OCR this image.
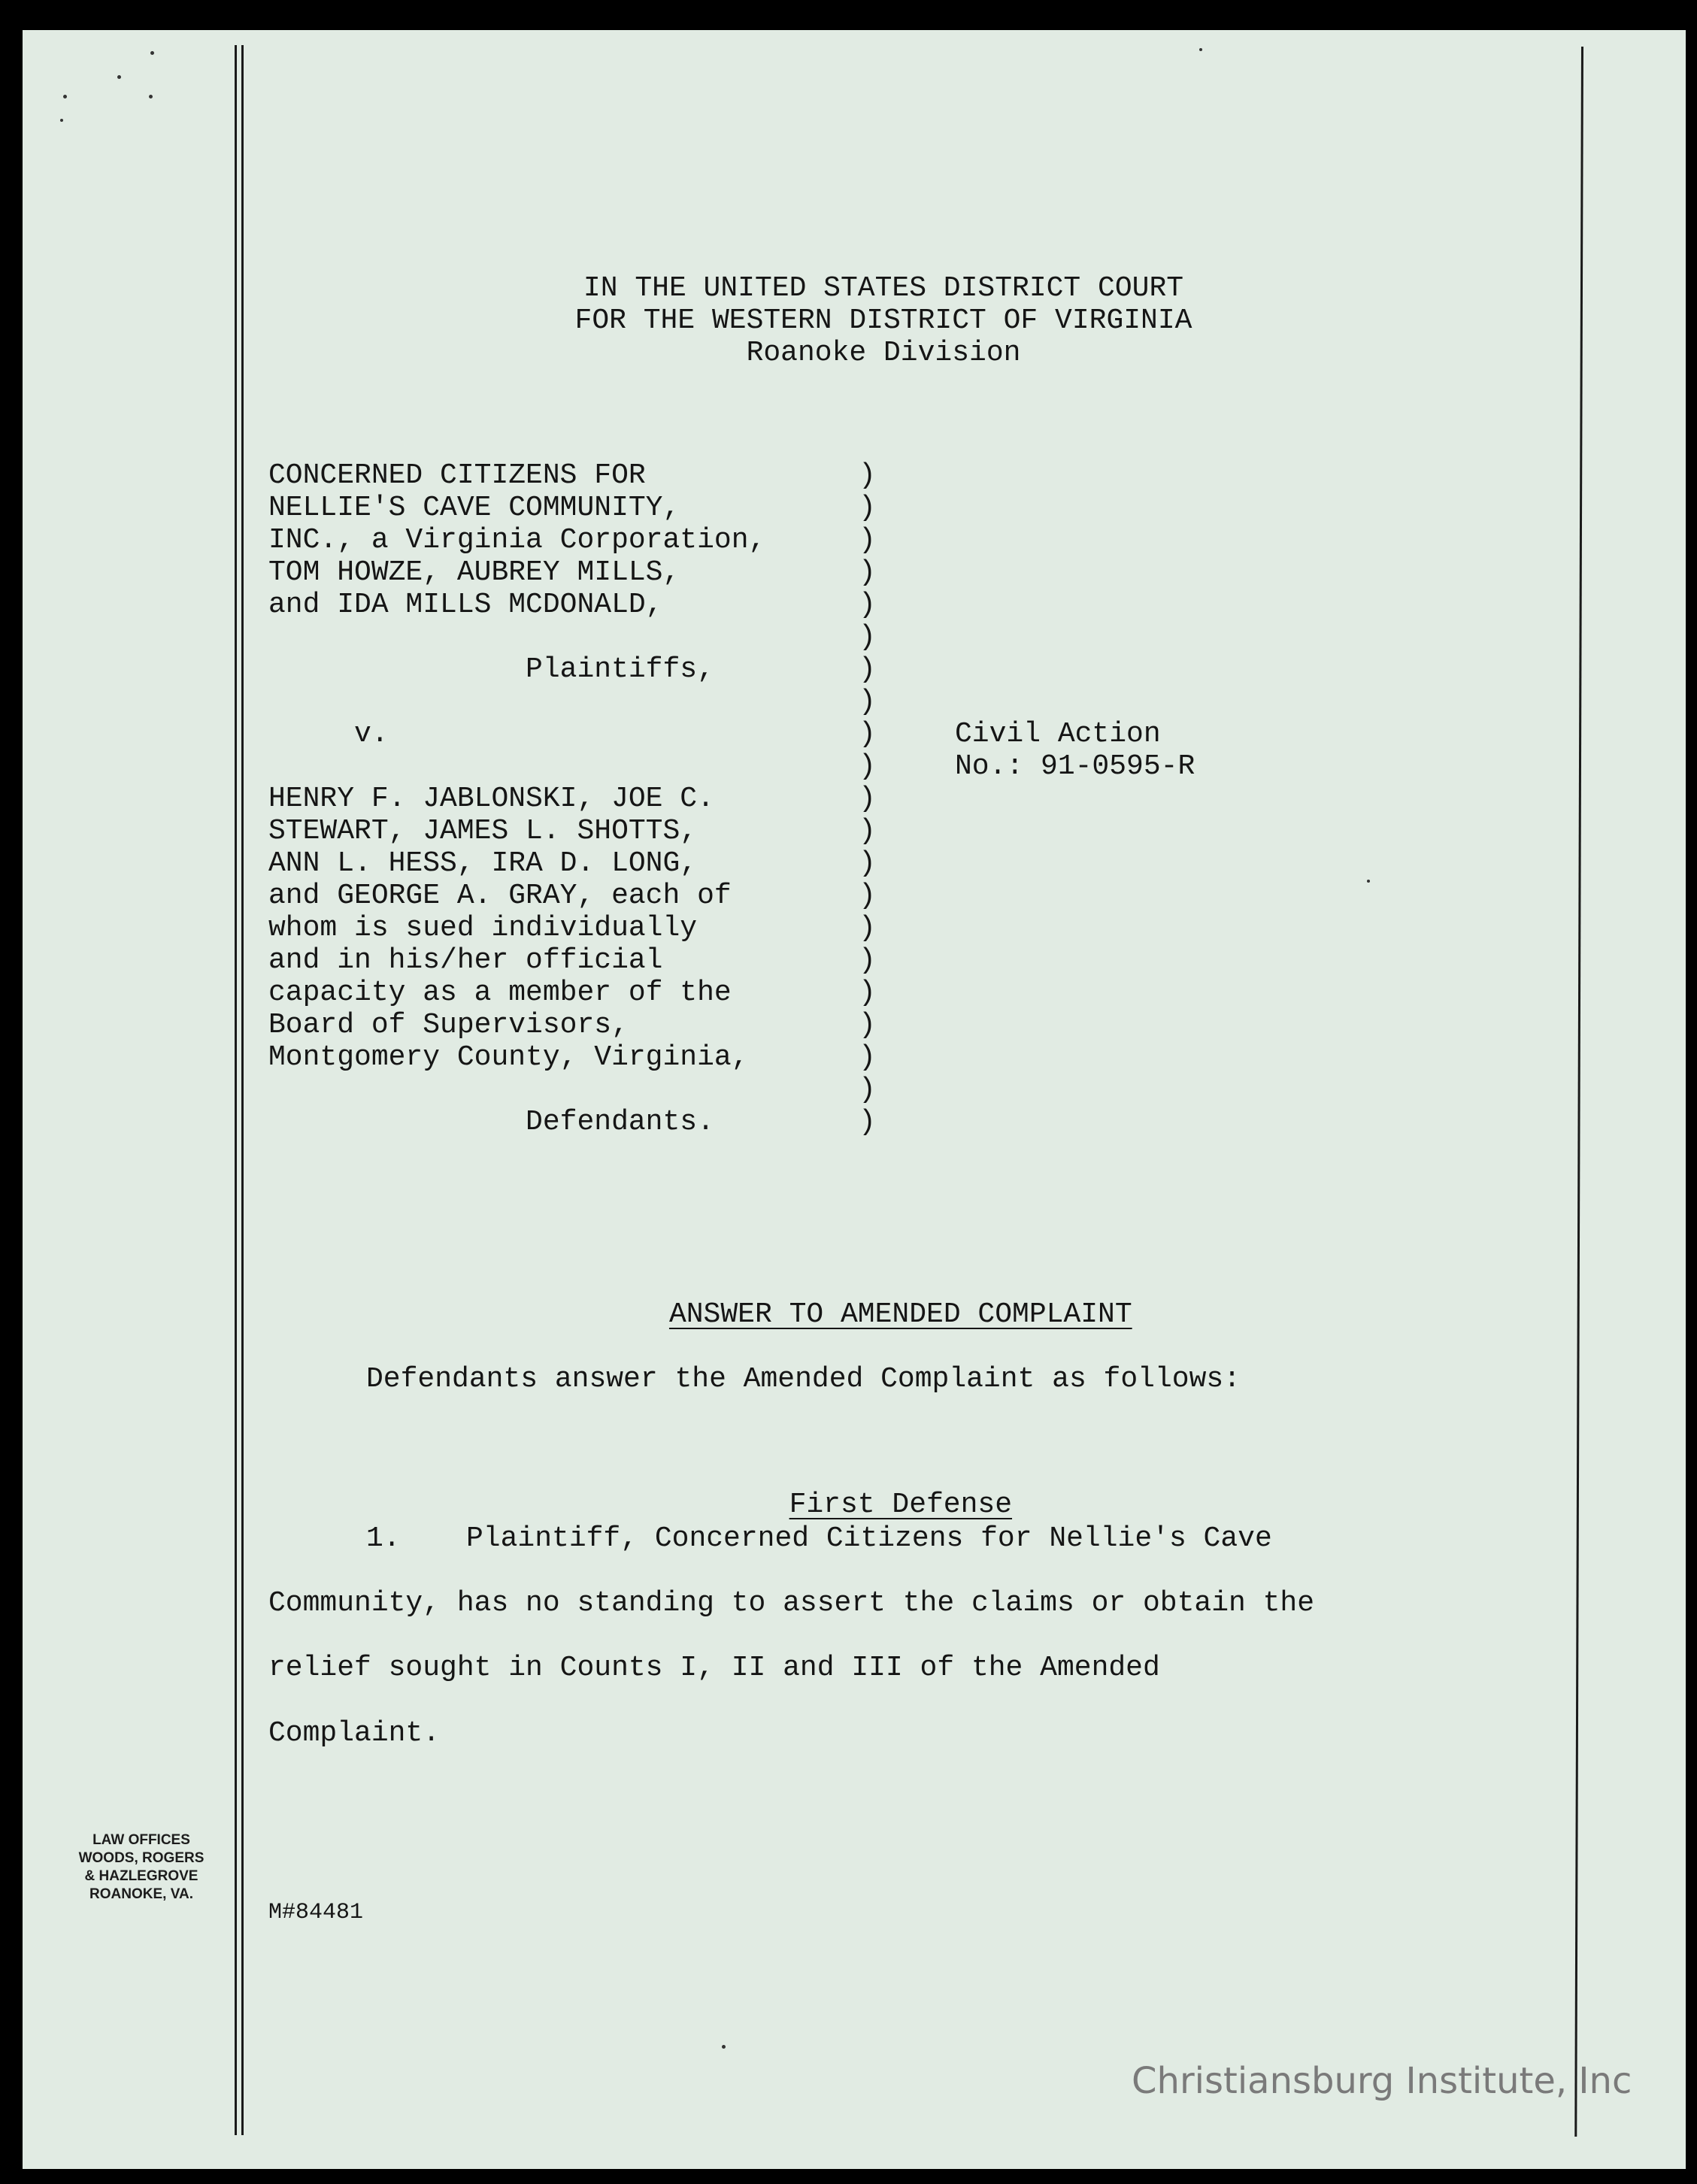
IN THE UNITED STATES DISTRICT COURT
FOR THE WESTERN DISTRICT OF VIRGINIA
Roanoke Division
CONCERNED CITIZENS FOR
NELLIE'S CAVE COMMUNITY,
INC., a Virginia Corporation,
TOM HOWZE, AUBREY MILLS,
and IDA MILLS MCDONALD,
Plaintiffs,
v.
HENRY F. JABLONSKI, JOE C.
STEWART, JAMES L. SHOTTS,
ANN L. HESS, IRA D. LONG,
and GEORGE A. GRAY, each of
whom is sued individually
and in his/her official
capacity as a member of the
Board of Supervisors,
Montgomery County, Virginia,
Defendants.
)
)
)
)
)
)
)
)
)
)
)
)
)
)
)
)
)
)
)
)
)
Civil Action
No.: 91-0595-R

ANSWER TO AMENDED COMPLAINT

Defendants answer the Amended Complaint as follows:

First Defense

1. Plaintiff, Concerned Citizens for Nellie's Cave
Community, has no standing to assert the claims or obtain the
relief sought in Counts I, II and III of the Amended
Complaint.
M#84481
LAW OFFICES
WOODS, ROGERS
& HAZLEGROVE
ROANOKE, VA.
Christiansburg Institute, Inc
